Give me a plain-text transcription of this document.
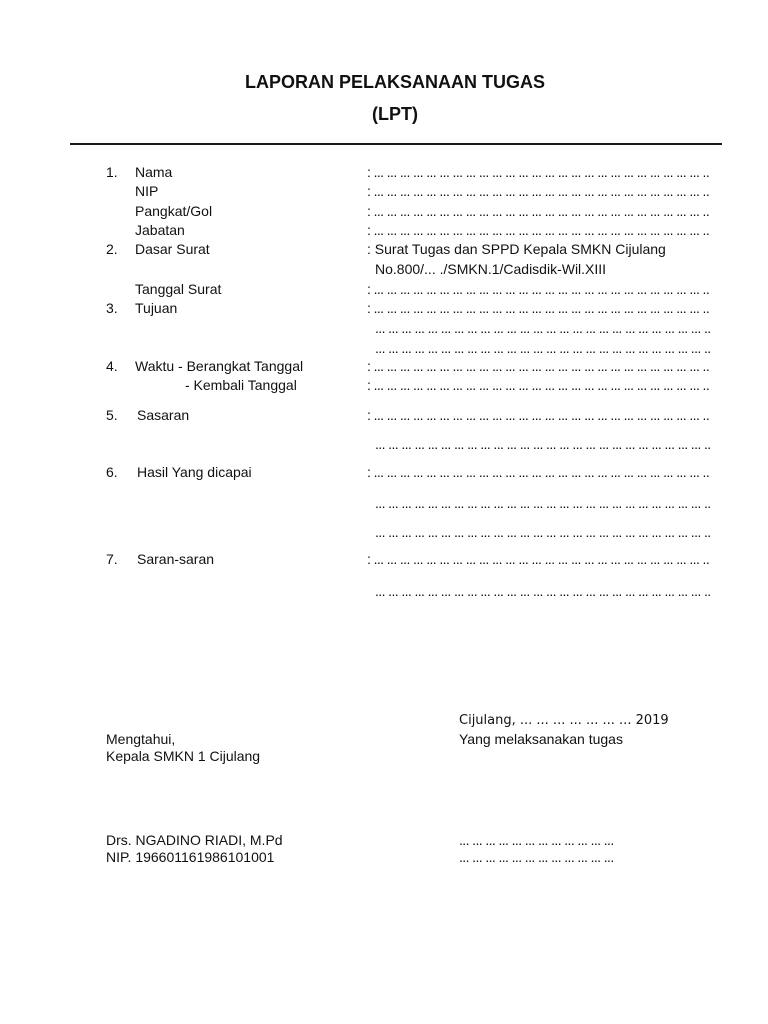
LAPORAN PELAKSANAAN TUGAS
(LPT)
1. Nama	: ... ... ... ... ... ... ... ... ... ... ... ... ... ... ... ... ... ... ... ... ... ... ... ... ... ..
NIP	: ... ... ... ... ... ... ... ... ... ... ... ... ... ... ... ... ... ... ... ... ... ... ... ... ... ..
Pangkat/Gol	: ... ... ... ... ... ... ... ... ... ... ... ... ... ... ... ... ... ... ... ... ... ... ... ... ... ..
Jabatan	: ... ... ... ... ... ... ... ... ... ... ... ... ... ... ... ... ... ... ... ... ... ... ... ... ... ..
2. Dasar Surat	: Surat Tugas dan SPPD Kepala SMKN Cijulang
No.800/... ./SMKN.1/Cadisdik-Wil.XIII
Tanggal Surat	: ... ... ... ... ... ... ... ... ... ... ... ... ... ... ... ... ... ... ... ... ... ... ... ... ... ..
3. Tujuan	: ... ... ... ... ... ... ... ... ... ... ... ... ... ... ... ... ... ... ... ... ... ... ... ... ... ..
... ... ... ... ... ... ... ... ... ... ... ... ... ... ... ... ... ... ... ... ... ... ... ... ... ..
... ... ... ... ... ... ... ... ... ... ... ... ... ... ... ... ... ... ... ... ... ... ... ... ... ..
4. Waktu - Berangkat Tanggal	: ... ... ... ... ... ... ... ... ... ... ... ... ... ... ... ... ... ... ... ... ... ... ... ... ... ..
- Kembali Tanggal	: ... ... ... ... ... ... ... ... ... ... ... ... ... ... ... ... ... ... ... ... ... ... ... ... ... ..
5. Sasaran	: ... ... ... ... ... ... ... ... ... ... ... ... ... ... ... ... ... ... ... ... ... ... ... ... ... ..
... ... ... ... ... ... ... ... ... ... ... ... ... ... ... ... ... ... ... ... ... ... ... ... ... ..
6. Hasil Yang dicapai	: ... ... ... ... ... ... ... ... ... ... ... ... ... ... ... ... ... ... ... ... ... ... ... ... ... ..
... ... ... ... ... ... ... ... ... ... ... ... ... ... ... ... ... ... ... ... ... ... ... ... ... ..
... ... ... ... ... ... ... ... ... ... ... ... ... ... ... ... ... ... ... ... ... ... ... ... ... ..
7. Saran-saran	: ... ... ... ... ... ... ... ... ... ... ... ... ... ... ... ... ... ... ... ... ... ... ... ... ... ..
... ... ... ... ... ... ... ... ... ... ... ... ... ... ... ... ... ... ... ... ... ... ... ... ... ..
Cijulang, ... ... ... ... ... ... ... 2019
Mengtahui,	Yang melaksanakan tugas
Kepala SMKN 1 Cijulang
Drs. NGADINO RIADI, M.Pd
NIP. 196601161986101001
... ... ... ... ... ... ... ... ... ... ... ...
... ... ... ... ... ... ... ... ... ... ... ...
